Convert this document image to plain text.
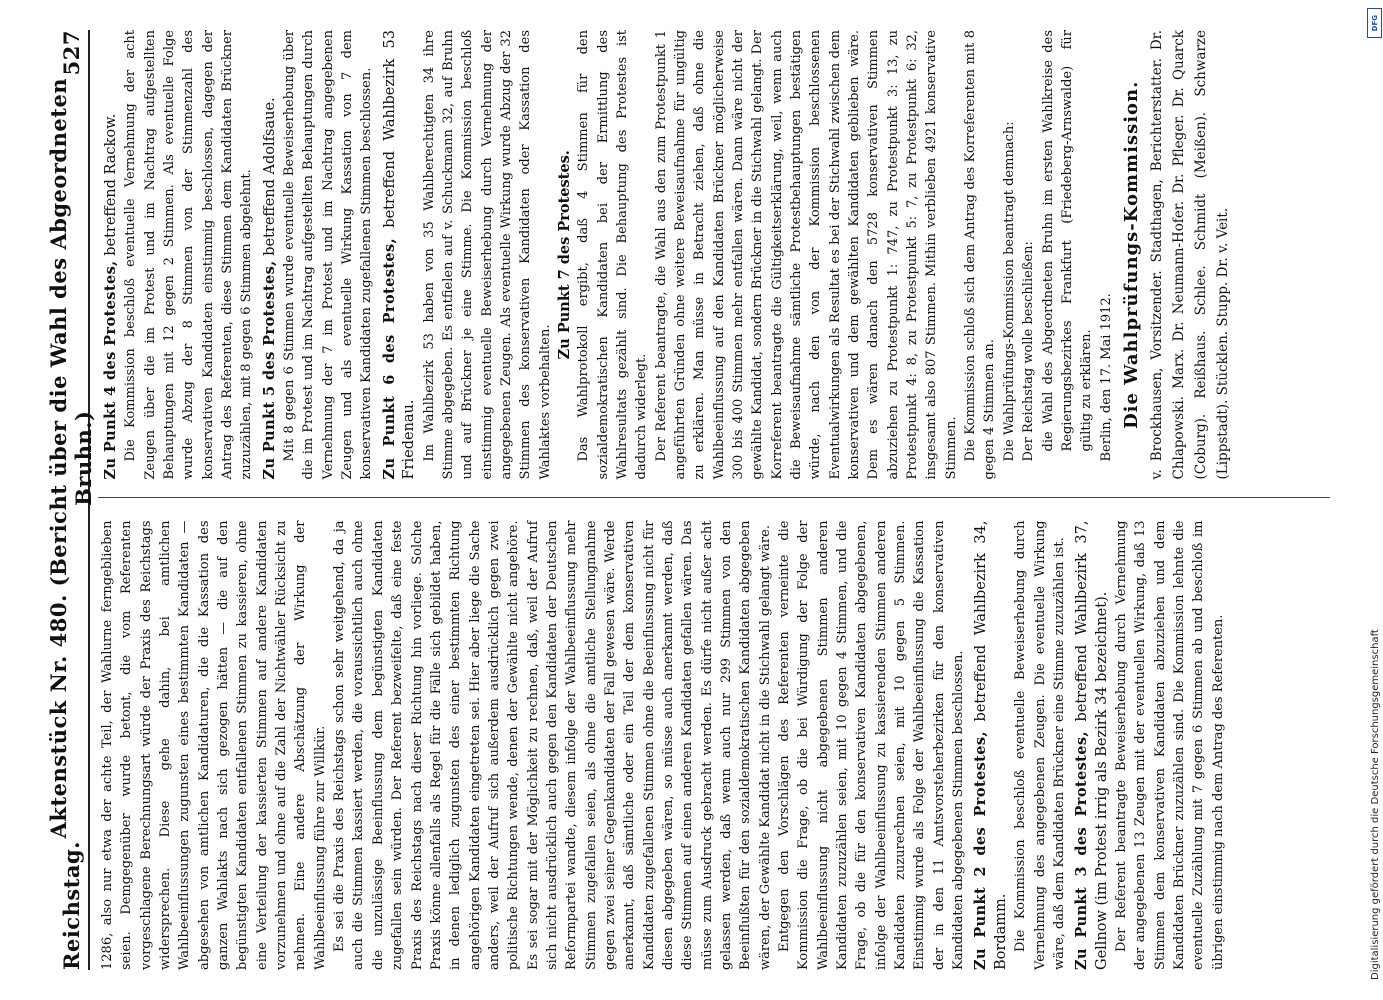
Reichstag.
Aktenstück Nr. 480. (Bericht über die Wahl des Abgeordneten Bruhn.)
527

1286, also nur etwa der achte Teil, der Wahlurne ferngeblieben seien. Demgegenüber wurde betont, die vom Referenten vorgeschlagene Berechnungsart würde der Praxis des Reichstags widersprechen. Diese gehe dahin, bei amtlichen Wahlbeeinflussungen zugunsten eines bestimmten Kandidaten — abgesehen von amtlichen Kandidaturen, die die Kassation des ganzen Wahlakts nach sich gezogen hätten — die auf den begünstigten Kandidaten entfallenen Stimmen zu kassieren, ohne eine Verteilung der kassierten Stimmen auf andere Kandidaten vorzunehmen und ohne auf die Zahl der Nichtwähler Rücksicht zu nehmen. Eine andere Abschätzung der Wirkung der Wahlbeeinflussung führe zur Willkür. Es sei die Praxis des Reichstags schon sehr weitgehend, da ja auch die Stimmen kassiert werden, die voraussichtlich auch ohne die unzulässige Beeinflussung dem begünstigten Kandidaten zugefallen sein würden. Der Referent bezweifelte, daß eine feste Praxis des Reichstags nach dieser Richtung hin vorliege. Solche Praxis könne allenfalls als Regel für die Fälle sich gebildet haben, in denen lediglich zugunsten des einer bestimmten Richtung angehörigen Kandidaten eingetreten sei. Hier aber liege die Sache anders, weil der Aufruf sich außerdem ausdrücklich gegen zwei politische Richtungen wende, denen der Gewählte nicht angehöre. Es sei sogar mit der Möglichkeit zu rechnen, daß, weil der Aufruf sich nicht ausdrücklich auch gegen den Kandidaten der Deutschen Reformpartei wandte, diesem infolge der Wahlbeeinflussung mehr Stimmen zugefallen seien, als ohne die amtliche Stellungnahme gegen zwei seiner Gegenkandidaten der Fall gewesen wäre. Werde anerkannt, daß sämtliche oder ein Teil der dem konservativen Kandidaten zugefallenen Stimmen ohne die Beeinflussung nicht für diesen abgegeben wären, so müsse auch anerkannt werden, daß diese Stimmen auf einen anderen Kandidaten gefallen wären. Das müsse zum Ausdruck gebracht werden. Es dürfe nicht außer acht gelassen werden, daß wenn auch nur 299 Stimmen von den Beeinflußten für den sozialdemokratischen Kandidaten abgegeben wären, der Gewählte Kandidat nicht in die Stichwahl gelangt wäre. Entgegen den Vorschlägen des Referenten verneinte die Kommission die Frage, ob die bei Würdigung der Folge der Wahlbeeinflussung nicht abgegebenen Stimmen anderen Kandidaten zuzuzählen seien, mit 10 gegen 4 Stimmen, und die Frage, ob die für den konservativen Kandidaten abgegebenen, infolge der Wahlbeeinflussung zu kassierenden Stimmen anderen Kandidaten zuzurechnen seien, mit 10 gegen 5 Stimmen. Einstimmig wurde als Folge der Wahlbeeinflussung die Kassation der in den 11 Amtsvorsteherbezirken für den konservativen Kandidaten abgegebenen Stimmen beschlossen. Zu Punkt 2 des Protestes, betreffend Wahlbezirk 34, Bordamm. Die Kommission beschloß eventuelle Beweiserhebung durch Vernehmung des angegebenen Zeugen. Die eventuelle Wirkung wäre, daß dem Kandidaten Brückner eine Stimme zuzuzählen ist. Zu Punkt 3 des Protestes, betreffend Wahlbezirk 37, Gellnow (im Protest irrig als Bezirk 34 bezeichnet). Der Referent beantragte Beweiserhebung durch Vernehmung der angegebenen 13 Zeugen mit der eventuellen Wirkung, daß 13 Stimmen dem konservativen Kandidaten abzuziehen und dem Kandidaten Brückner zuzuzählen sind. Die Kommission lehnte die eventuelle Zuzählung mit 7 gegen 6 Stimmen ab und beschloß im übrigen einstimmig nach dem Antrag des Referenten.

Zu Punkt 4 des Protestes, betreffend Rackow. Die Kommission beschloß eventuelle Vernehmung der acht Zeugen über die im Protest und im Nachtrag aufgestellten Behauptungen mit 12 gegen 2 Stimmen. Als eventuelle Folge wurde Abzug der 8 Stimmen von der Stimmenzahl des konservativen Kandidaten einstimmig beschlossen, dagegen der Antrag des Referenten, diese Stimmen dem Kandidaten Brückner zuzuzählen, mit 8 gegen 6 Stimmen abgelehnt. Zu Punkt 5 des Protestes, betreffend Adolfsaue. Mit 8 gegen 6 Stimmen wurde eventuelle Beweiserhebung über die im Protest und im Nachtrag aufgestellten Behauptungen durch Vernehmung der 7 im Protest und im Nachtrag angegebenen Zeugen und als eventuelle Wirkung Kassation von 7 dem konservativen Kandidaten zugefallenen Stimmen beschlossen. Zu Punkt 6 des Protestes, betreffend Wahlbezirk 53 Friedenau. Im Wahlbezirk 53 haben von 35 Wahlberechtigten 34 ihre Stimme abgegeben. Es entfielen auf v. Schuckmann 32, auf Bruhn und auf Brückner je eine Stimme. Die Kommission beschloß einstimmig eventuelle Beweiserhebung durch Vernehmung der angegebenen Zeugen. Als eventuelle Wirkung wurde Abzug der 32 Stimmen des konservativen Kandidaten oder Kassation des Wahlaktes vorbehalten.

Zu Punkt 7 des Protestes. Das Wahlprotokoll ergibt, daß 4 Stimmen für den sozialdemokratischen Kandidaten bei der Ermittlung des Wahlresultats gezählt sind. Die Behauptung des Protestes ist dadurch widerlegt. Der Referent beantragte, die Wahl aus den zum Protestpunkt 1 angeführten Gründen ohne weitere Beweisaufnahme für ungültig zu erklären. Man müsse in Betracht ziehen, daß ohne die Wahlbeeinflussung auf den Kandidaten Brückner möglicherweise 300 bis 400 Stimmen mehr entfallen wären. Dann wäre nicht der gewählte Kandidat, sondern Brückner in die Stichwahl gelangt. Der Korreferent beantragte die Gültigkeitserklärung, weil, wenn auch die Beweisaufnahme sämtliche Protestbehauptungen bestätigen würde, nach den von der Kommission beschlossenen Eventualwirkungen als Resultat es bei der Stichwahl zwischen dem konservativen und dem gewählten Kandidaten geblieben wäre. Dem es wären danach den 5728 konservativen Stimmen abzuziehen zu Protestpunkt 1: 747, zu Protestpunkt 3: 13, zu Protestpunkt 4: 8, zu Protestpunkt 5: 7, zu Protestpunkt 6: 32, insgesamt also 807 Stimmen. Mithin verblieben 4921 konservative Stimmen. Die Kommission schloß sich dem Antrag des Korreferenten mit 8 gegen 4 Stimmen an. Die Wahlprüfungs-Kommission beantragt demnach: Der Reichstag wolle beschließen: die Wahl des Abgeordneten Bruhn im ersten Wahlkreise des Regierungsbezirkes Frankfurt (Friedeberg-Arnswalde) für gültig zu erklären. Berlin, den 17. Mai 1912. Die Wahlprüfungs-Kommission. v. Brockhausen, Vorsitzender. Stadthagen, Berichterstatter. Dr. Chlapowski. Marx. Dr. Neumann-Hofer. Dr. Pfleger. Dr. Quarck (Coburg). Reißhaus. Schlee. Schmidt (Meißen). Schwarze (Lippstadt). Stücklen. Stupp. Dr. v. Veit.

Digitalisierung gefördert durch die Deutsche Forschungsgemeinschaft
DFG
